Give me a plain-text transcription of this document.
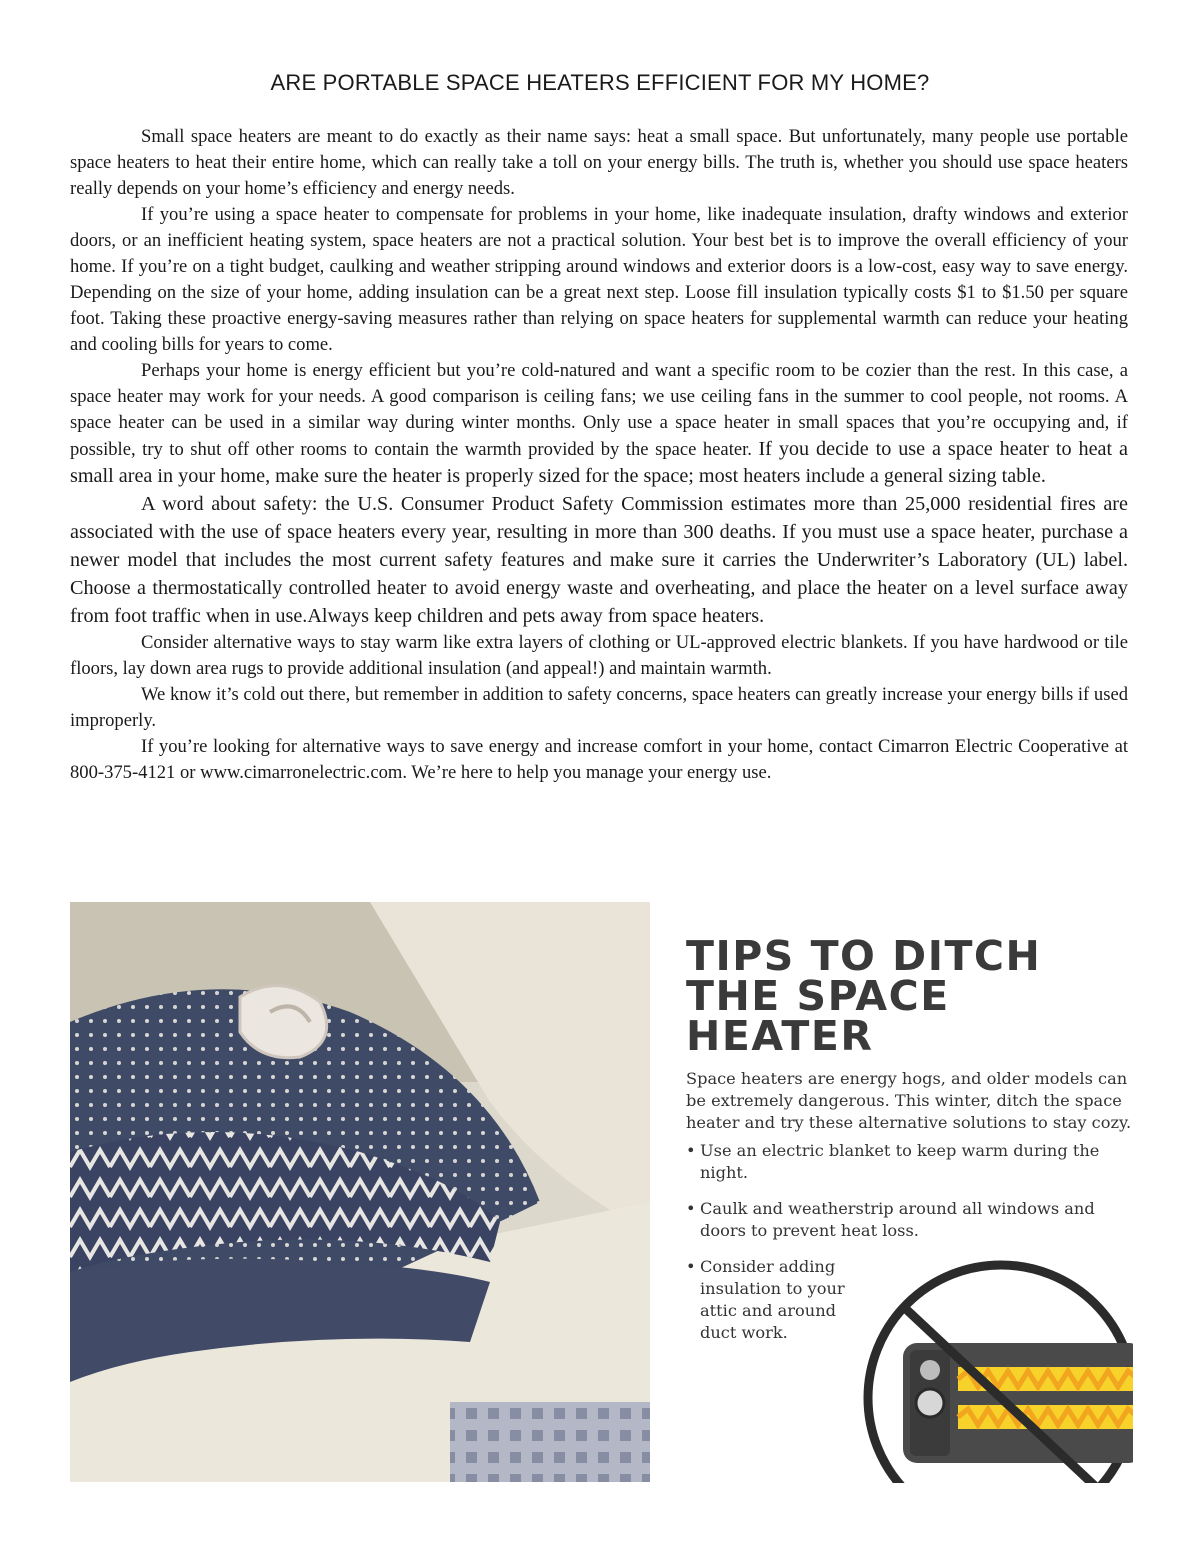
ARE PORTABLE SPACE HEATERS EFFICIENT FOR MY HOME?

Small space heaters are meant to do exactly as their name says: heat a small space. But unfortunately, many people use portable space heaters to heat their entire home, which can really take a toll on your energy bills. The truth is, whether you should use space heaters really depends on your home’s efficiency and energy needs.

If you’re using a space heater to compensate for problems in your home, like inadequate insulation, drafty windows and exterior doors, or an inefficient heating system, space heaters are not a practical solution. Your best bet is to improve the overall efficiency of your home. If you’re on a tight budget, caulking and weather stripping around windows and exterior doors is a low-cost, easy way to save energy. Depending on the size of your home, adding insulation can be a great next step. Loose fill insulation typically costs $1 to $1.50 per square foot. Taking these proactive energy-saving measures rather than relying on space heaters for supplemental warmth can reduce your heating and cooling bills for years to come.

Perhaps your home is energy efficient but you’re cold-natured and want a specific room to be cozier than the rest. In this case, a space heater may work for your needs. A good comparison is ceiling fans; we use ceiling fans in the summer to cool people, not rooms. A space heater can be used in a similar way during winter months. Only use a space heater in small spaces that you’re occupying and, if possible, try to shut off other rooms to contain the warmth provided by the space heater. If you decide to use a space heater to heat a small area in your home, make sure the heater is properly sized for the space; most heaters include a general sizing table.

A word about safety: the U.S. Consumer Product Safety Commission estimates more than 25,000 residential fires are associated with the use of space heaters every year, resulting in more than 300 deaths. If you must use a space heater, purchase a newer model that includes the most current safety features and make sure it carries the Underwriter’s Laboratory (UL) label. Choose a thermostatically controlled heater to avoid energy waste and overheating, and place the heater on a level surface away from foot traffic when in use.Always keep children and pets away from space heaters.

Consider alternative ways to stay warm like extra layers of clothing or UL-approved electric blankets. If you have hardwood or tile floors, lay down area rugs to provide additional insulation (and appeal!) and maintain warmth.

We know it’s cold out there, but remember in addition to safety concerns, space heaters can greatly increase your energy bills if used improperly.

If you’re looking for alternative ways to save energy and increase comfort in your home, contact Cimarron Electric Cooperative at 800-375-4121 or www.cimarronelectric.com. We’re here to help you manage your energy use.

TIPS TO DITCH
THE SPACE
HEATER

Space heaters are energy hogs, and older models can be extremely dangerous. This winter, ditch the space heater and try these alternative solutions to stay cozy.

• Use an electric blanket to keep warm during the night.
• Caulk and weatherstrip around all windows and doors to prevent heat loss.
• Consider adding insulation to your attic and around duct work.
